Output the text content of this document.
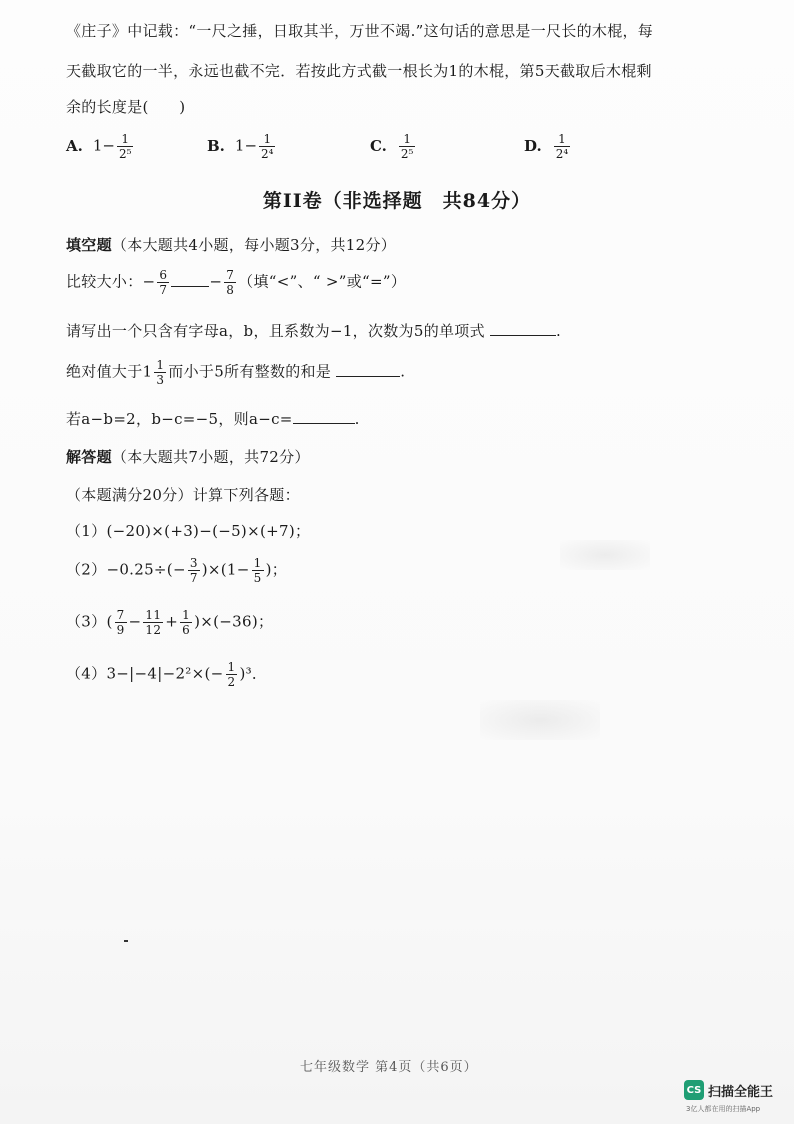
《庄子》中记载：“一尺之捶，日取其半，万世不竭.”这句话的意思是一尺长的木棍，每
天截取它的一半，永远也截不完．若按此方式截一根长为1的木棍，第5天截取后木棍剩
余的长度是(　　)
A. $1- \frac{1}{\text{2⁵}}$	B. $1- \frac{1}{\text{2⁴}}$	C. $\frac{1}{\text{2⁵}}$	D. $\frac{1}{\text{2⁴}}$
第II卷（非选择题　共84分）
填空题（本大题共4小题，每小题3分，共12分）
比较大小：− $\frac{6}{7}$	− $\frac{7}{8}$ （填“<”、“ >”或“=”）
请写出一个只含有字母a，b，且系数为−1，次数为5的单项式	.
绝对值大于$1 \frac{1}{3}$ 而小于5所有整数的和是	.
若a−b=2，b−c=−5，则a−c=	.
解答题（本大题共7小题，共72分）
（本题满分20分）计算下列各题：
（1）(−20)×(+3)−(−5)×(+7)；
$(2)-0.25\div(- \frac{3}{7} )\times(1- \frac{1}{5}$ )；
$(3)( \frac{7}{9} - \frac{11}{12} + \frac{1}{6} )\times(-36)$；
$(4)3-|-4|-2^2\times(- \frac{1}{2} )^3$．
七年级数学 第4页（共6页）
CS 扫描全能王
3亿人都在用的扫描App
